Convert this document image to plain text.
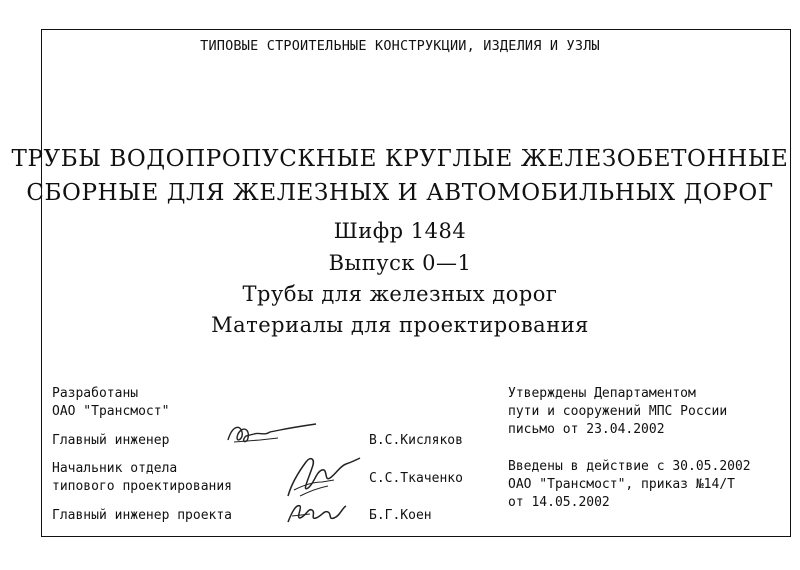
ТИПОВЫЕ СТРОИТЕЛЬНЫЕ КОНСТРУКЦИИ, ИЗДЕЛИЯ И УЗЛЫ
ТРУБЫ ВОДОПРОПУСКНЫЕ КРУГЛЫЕ ЖЕЛЕЗОБЕТОННЫЕ
СБОРНЫЕ ДЛЯ ЖЕЛЕЗНЫХ И АВТОМОБИЛЬНЫХ ДОРОГ
Шифр 1484
Выпуск 0—1
Трубы для железных дорог
Материалы для проектирования
Разработаны
ОАО "Трансмост"
Главный инженер	В.С.Кисляков
Начальник отдела
типового проектирования
С.С.Ткаченко
Главный инженер проекта	Б.Г.Коен
Утверждены Департаментом
пути и сооружений МПС России
письмо от 23.04.2002
Введены в действие с 30.05.2002
ОАО "Трансмост", приказ №14/Т
от 14.05.2002
